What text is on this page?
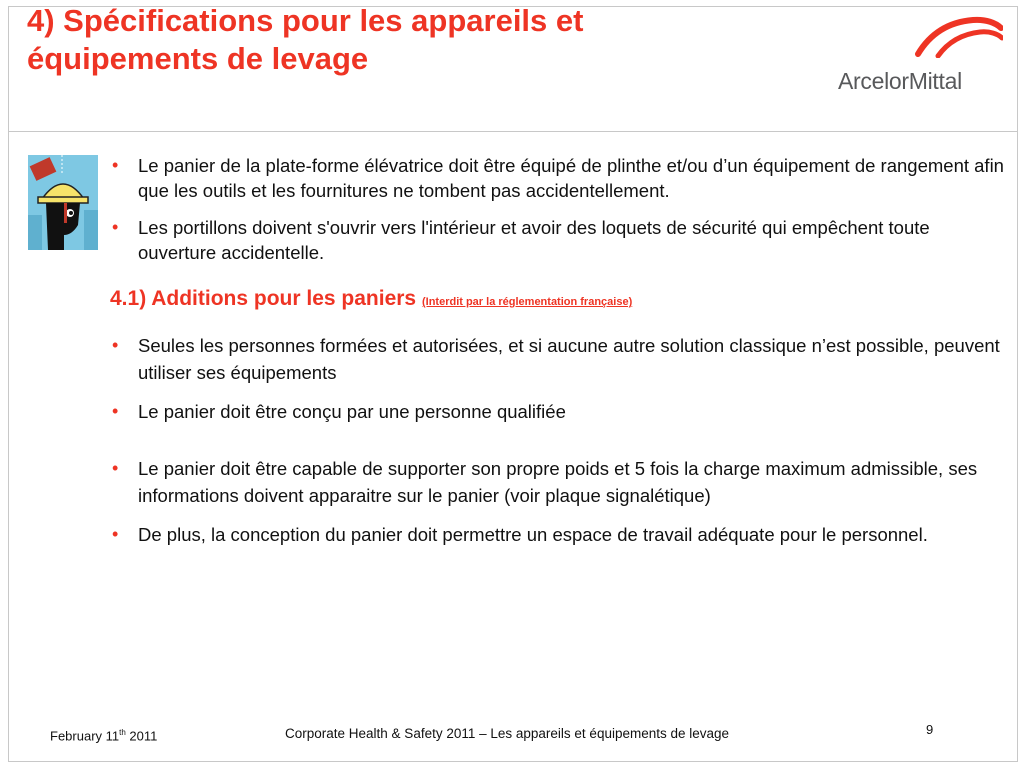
4) Spécifications pour les appareils et
équipements de levage
ArcelorMittal
• Le panier de la plate-forme élévatrice doit être équipé de plinthe et/ou d’un équipement de rangement afin que les outils et les fournitures ne tombent pas accidentellement.
• Les portillons doivent s'ouvrir vers l'intérieur et avoir des loquets de sécurité qui empêchent toute ouverture accidentelle.
4.1) Additions pour les paniers (Interdit par la réglementation française)
• Seules les personnes formées et autorisées, et si aucune autre solution classique n’est possible, peuvent utiliser ses équipements
• Le panier doit être conçu par une personne qualifiée
• Le panier doit être capable de supporter son propre poids et 5 fois la charge maximum admissible, ses informations doivent apparaitre sur le panier (voir plaque signalétique)
• De plus, la conception du panier doit permettre un espace de travail adéquate pour le personnel.
February 11th 2011	Corporate Health & Safety 2011 – Les appareils et équipements de levage	9
